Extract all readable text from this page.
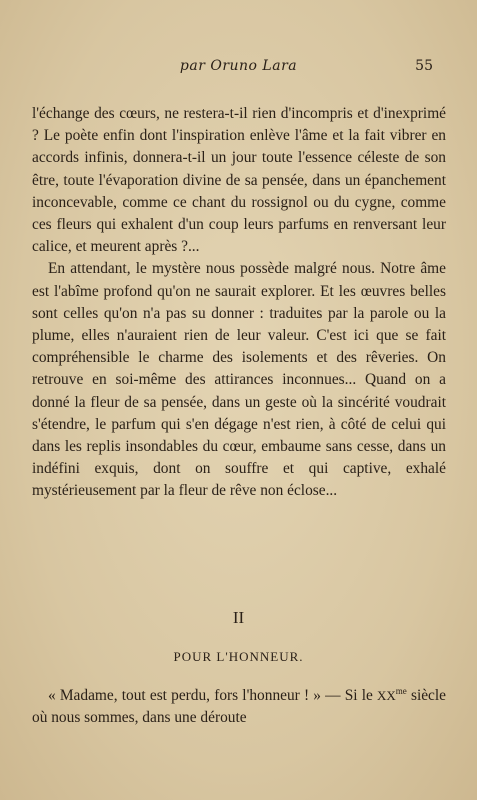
par Oruno Lara	55

l'échange des cœurs, ne restera-t-il rien d'incompris et d'inexprimé ? Le poète enfin dont l'inspiration enlève l'âme et la fait vibrer en accords infinis, donnera-t-il un jour toute l'essence céleste de son être, toute l'évaporation divine de sa pensée, dans un épanchement inconcevable, comme ce chant du rossignol ou du cygne, comme ces fleurs qui exhalent d'un coup leurs parfums en renversant leur calice, et meurent après ?...

En attendant, le mystère nous possède malgré nous. Notre âme est l'abîme profond qu'on ne saurait explorer. Et les œuvres belles sont celles qu'on n'a pas su donner : traduites par la parole ou la plume, elles n'auraient rien de leur valeur. C'est ici que se fait compréhensible le charme des isolements et des rêveries. On retrouve en soi-même des attirances inconnues... Quand on a donné la fleur de sa pensée, dans un geste où la sincérité voudrait s'étendre, le parfum qui s'en dégage n'est rien, à côté de celui qui dans les replis insondables du cœur, embaume sans cesse, dans un indéfini exquis, dont on souffre et qui captive, exhalé mystérieusement par la fleur de rêve non éclose...

II
POUR L'HONNEUR.
« Madame, tout est perdu, fors l'honneur ! » — Si le $XX^{me}$ siècle où nous sommes, dans une déroute
